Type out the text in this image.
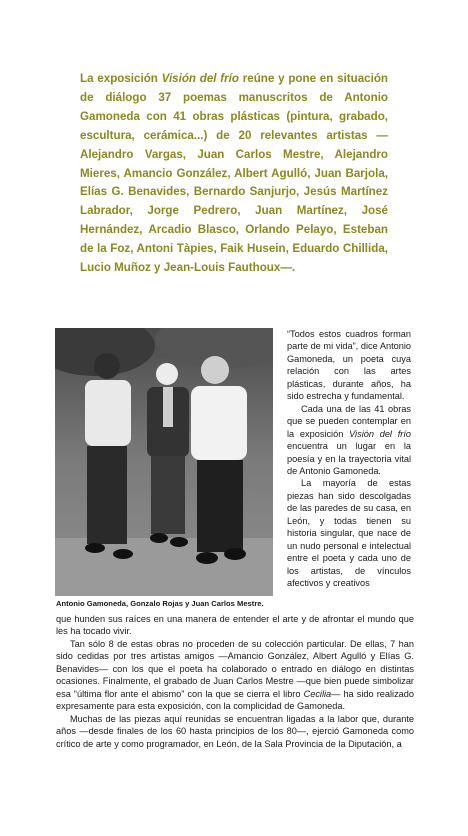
La exposición Visión del frío reúne y pone en situación de diálogo 37 poemas manuscritos de Antonio Gamoneda con 41 obras plásticas (pintura, grabado, escultura, cerámica...) de 20 relevantes artistas —Alejandro Vargas, Juan Carlos Mestre, Alejandro Mieres, Amancio González, Albert Agulló, Juan Barjola, Elías G. Benavides, Bernardo Sanjurjo, Jesús Martínez Labrador, Jorge Pedrero, Juan Martínez, José Hernández, Arcadio Blasco, Orlando Pelayo, Esteban de la Foz, Antoni Tàpies, Faik Husein, Eduardo Chillida, Lucio Muñoz y Jean-Louis Fauthoux—.

Antonio Gamoneda, Gonzalo Rojas y Juan Carlos Mestre.

“Todos estos cuadros forman parte de mi vida”, dice Antonio Gamoneda, un poeta cuya relación con las artes plásticas, durante años, ha sido estrecha y fundamental.

Cada una de las 41 obras que se pueden contemplar en la exposición Visión del frío encuentra un lugar en la poesía y en la trayectoria vital de Antonio Gamoneda.

La mayoría de estas piezas han sido descolgadas de las paredes de su casa, en León, y todas tienen su historia singular, que nace de un nudo personal e intelectual entre el poeta y cada uno de los artistas, de vínculos afectivos y creativos

que hunden sus raíces en una manera de entender el arte y de afrontar el mundo que les ha tocado vivir.

Tan sólo 8 de estas obras no proceden de su colección particular. De ellas, 7 han sido cedidas por tres artistas amigos —Amancio González, Albert Agulló y Elías G. Benavides— con los que el poeta ha colaborado o entrado en diálogo en distintas ocasiones. Finalmente, el grabado de Juan Carlos Mestre —que bien puede simbolizar esa “última flor ante el abismo” con la que se cierra el libro Cecilia— ha sido realizado expresamente para esta exposición, con la complicidad de Gamoneda.

Muchas de las piezas aquí reunidas se encuentran ligadas a la labor que, durante años —desde finales de los 60 hasta principios de los 80—, ejerció Gamoneda como crítico de arte y como programador, en León, de la Sala Provincia de la Diputación, a
